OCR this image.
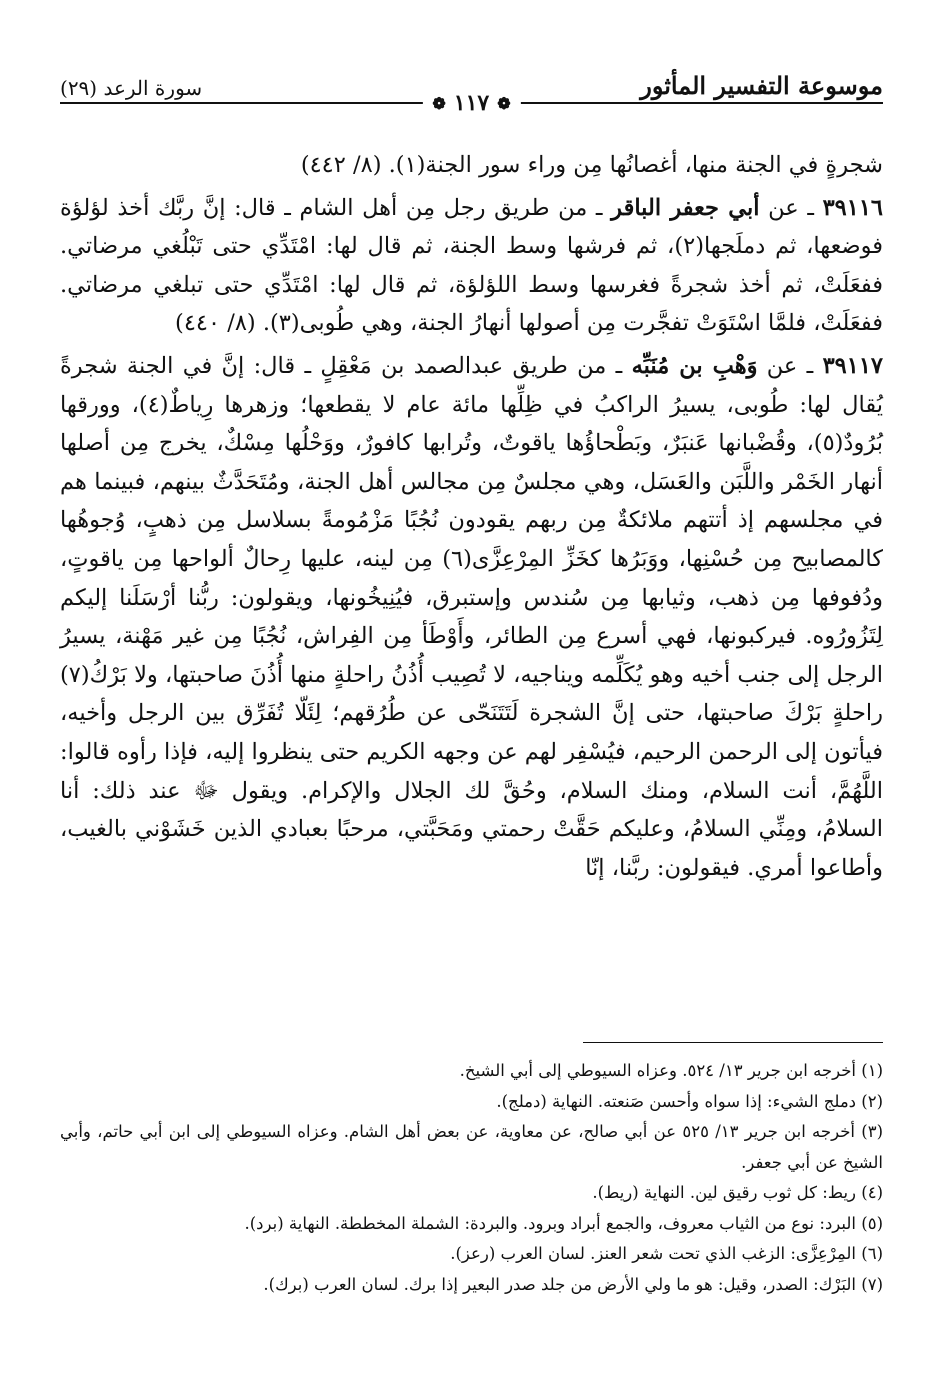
موسوعة التفسير المأثور
سورة الرعد (٢٩)
❁
١١٧
❁

شجرةٍ في الجنة منها، أغصانُها مِن وراء سور الجنة(١). (٨/ ٤٤٢)

٣٩١١٦ ـ عن أبي جعفر الباقر ـ من طريق رجل مِن أهل الشام ـ قال: إنَّ ربَّك أخذ لؤلؤة فوضعها، ثم دملَجها(٢)، ثم فرشها وسط الجنة، ثم قال لها: امْتَدِّي حتى تَبْلُغي مرضاتي. ففعَلَتْ، ثم أخذ شجرةً فغرسها وسط اللؤلؤة، ثم قال لها: امْتَدِّي حتى تبلغي مرضاتي. ففعَلَتْ، فلمَّا اسْتَوَتْ تفجَّرت مِن أصولها أنهارُ الجنة، وهي طُوبى(٣). (٨/ ٤٤٠)

٣٩١١٧ ـ عن وَهْبِ بن مُنَبِّه ـ من طريق عبدالصمد بن مَعْقِلٍ ـ قال: إنَّ في الجنة شجرةً يُقال لها: طُوبى، يسيرُ الراكبُ في ظِلِّها مائة عام لا يقطعها؛ وزهرها رِياطٌ(٤)، وورقها بُرُودٌ(٥)، وقُضْبانها عَنبَرٌ، وبَطْحاؤُها ياقوتٌ، وتُرابها كافورٌ، ووَحْلُها مِسْكٌ، يخرج مِن أصلها أنهار الخَمْر واللَّبَن والعَسَل، وهي مجلسٌ مِن مجالس أهل الجنة، ومُتَحَدَّثٌ بينهم، فبينما هم في مجلسهم إذ أتتهم ملائكةٌ مِن ربهم يقودون نُجُبًا مَزْمُومةً بسلاسل مِن ذهبٍ، وُجوهُها كالمصابيح مِن حُسْنِها، ووَبَرُها كخَزِّ المِرْعِزَّى(٦) مِن لينه، عليها رِحالٌ ألواحها مِن ياقوتٍ، ودُفوفها مِن ذهب، وثيابها مِن سُندس وإستبرق، فيُنِيخُونها، ويقولون: ربُّنا أرْسَلَنا إليكم لِتَزُورُوه. فيركبونها، فهي أسرع مِن الطائر، وأَوْطَأ مِن الفِراش، نُجُبًا مِن غير مَهْنة، يسيرُ الرجل إلى جنب أخيه وهو يُكَلِّمه ويناجيه، لا تُصِيب أُذُنُ راحلةٍ منها أُذُنَ صاحبتها، ولا بَرْكُ(٧) راحلةٍ بَرْكَ صاحبتها، حتى إنَّ الشجرة لَتَتَنَحّى عن طُرُقهم؛ لِئَلّا تُفَرِّق بين الرجل وأخيه، فيأتون إلى الرحمن الرحيم، فيُسْفِر لهم عن وجهه الكريم حتى ينظروا إليه، فإذا رأوه قالوا: اللَّهُمَّ، أنت السلام، ومنك السلام، وحُقَّ لك الجلال والإكرام. ويقول ﷻ عند ذلك: أنا السلامُ، ومِنِّي السلامُ، وعليكم حَقَّتْ رحمتي ومَحَبَّتي، مرحبًا بعبادي الذين خَشَوْني بالغيب، وأطاعوا أمري. فيقولون: ربَّنا، إنّا

(١) أخرجه ابن جرير ١٣/ ٥٢٤. وعزاه السيوطي إلى أبي الشيخ.

(٢) دملج الشيء: إذا سواه وأحسن صَنعته. النهاية (دملج).

(٣) أخرجه ابن جرير ١٣/ ٥٢٥ عن أبي صالح، عن معاوية، عن بعض أهل الشام. وعزاه السيوطي إلى ابن أبي حاتم، وأبي الشيخ عن أبي جعفر.

(٤) ريط: كل ثوب رقيق لين. النهاية (ريط).

(٥) البرد: نوع من الثياب معروف، والجمع أبراد وبرود. والبردة: الشملة المخططة. النهاية (برد).

(٦) المِرْعِزَّى: الزغب الذي تحت شعر العنز. لسان العرب (رعز).

(٧) البَرْك: الصدر، وقيل: هو ما ولي الأرض من جلد صدر البعير إذا برك. لسان العرب (برك).
